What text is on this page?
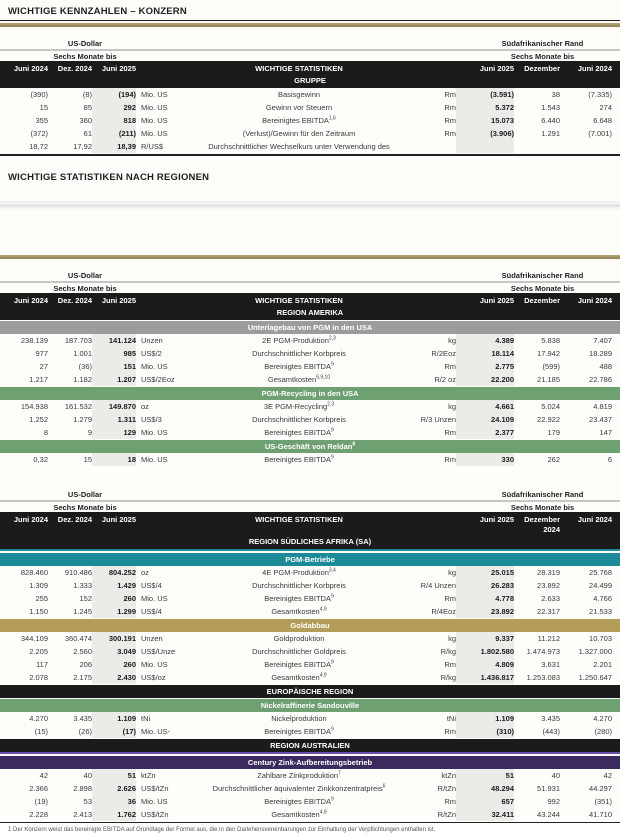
WICHTIGE KENNZAHLEN – KONZERN
US-Dollar	Südafrikanischer Rand
Sechs Monate bis	Sechs Monate bis
Juni 2024	Dez. 2024	Juni 2025	WICHTIGE STATISTIKEN	Juni 2025	Dezember	Juni 2024
GRUPPE
(390)	(8)	(194) Mio. US	Basisgewinn	Rm	(3.591)	38	(7.335)
15	85	292 Mio. US	Gewinn vor Steuern	Rm	5.372	1.543	274
355	360	818 Mio. US	Bereinigtes EBITDA$^{1,6}$	Rm	15.073	6.440	6.648
(372)	61	(211) Mio. US	(Verlust)/Gewinn für den Zeitraum	Rm	(3.906)	1.291	(7.001)
18,72	17,92	18,39 R/US$	Durchschnittlicher Wechselkurs unter Verwendung des
WICHTIGE STATISTIKEN NACH REGIONEN
US-Dollar	Südafrikanischer Rand
Sechs Monate bis	Sechs Monate bis
Juni 2024	Dez. 2024	Juni 2025	WICHTIGE STATISTIKEN	Juni 2025	Dezember	Juni 2024
REGION AMERIKA
Unterlagebau von PGM in den USA
238.139	187.703	141.124 Unzen	2E PGM-Produktion$^{2,3}$	kg	4.389	5.838	7.407
977	1.001	985 US$/2	Durchschnittlicher Korbpreis	R/2Eoz	18.114	17.942	18.289
27	(36)	151 Mio. US	Bereinigtes EBITDA$^9$	Rm	2.775	(599)	488
1.217	1.182	1.207 US$/2Eoz	Gesamtkosten$^{6,9,10}$	R/2 oz	22.200	21.185	22.786
PGM-Recycling in den USA
154.938	161.532	149.870 oz	3E PGM-Recycling$^{2,3}$	kg	4.661	5.024	4.819
1.252	1.279	1.311 US$/3	Durchschnittlicher Korbpreis	R/3 Unzen	24.109	22.922	23.437
8	9	129 Mio. US	Bereinigtes EBITDA$^9$	Rm	2.377	179	147
US-Geschäft von Reldan$^8$
0,32	15	18 Mio. US	Bereinigtes EBITDA$^9$	Rm	330	262	6
US-Dollar	Südafrikanischer Rand
Sechs Monate bis	Sechs Monate bis
Juni 2024	Dez. 2024	Juni 2025	WICHTIGE STATISTIKEN	Juni 2025	Dezember 2024
Juni 2024
REGION SÜDLICHES AFRIKA (SA)
PGM-Betriebe
828.460	910.486	804.252 oz	4E PGM-Produktion$^{3,4}$	kg	25.015	28.319	25.768
1.309	1.333	1.429 US$/4	Durchschnittlicher Korbpreis	R/4 Unzen	26.283	23.892	24.499
255	152	260 Mio. US	Bereinigtes EBITDA$^9$	Rm	4.778	2.633	4.766
1.150	1.245	1.299 US$/4	Gesamtkosten$^{4,9}$	R/4Eoz	23.892	22.317	21.533
Goldabbau
344.109	360.474	300.191 Unzen	Goldproduktion	kg	9.337	11.212	10.703
2.205	2.560	3.049 US$/Unze	Durchschnittlicher Goldpreis	R/kg	1.802.580	1.474.973	1.327.000
117	206	260 Mio. US	Bereinigtes EBITDA$^9$	Rm	4.809	3.631	2.201
2.078	2.175	2.430 US$/oz	Gesamtkosten$^{4,9}$	R/kg	1.436.817	1.253.083	1.250.647
EUROPÄISCHE REGION
Nickelraffinerie Sandouville
4.270	3.435	1.109 tNi	Nickelproduktion	tNi	1.109	3.435	4.270
(15)	(26)	(17) Mio. US-	Bereinigtes EBITDA$^9$	Rm	(310)	(443)	(280)
REGION AUSTRALIEN
Century Zink-Aufbereitungsbetrieb
42	40	51 ktZn	Zahlbare Zinkproduktion$^7$	ktZn	51	40	42
2.366	2.898	2.626 US$/tZn	Durchschnittlicher äquivalenter Zinkkonzentratpreis$^6$	R/tZn	48.294	51.931	44.297
(19)	53	36 Mio. US	Bereinigtes EBITDA$^9$	Rm	657	992	(351)
2.228	2.413	1.762 US$/tZn	Gesamtkosten$^{4,9}$	R/tZn	32.411	43.244	41.710
1 Der Konzern weist das bereinigte EBITDA auf Grundlage der Formel aus, die in den Darlehensvereinbarungen zur Einhaltung der Verpflichtungen enthalten ist.
